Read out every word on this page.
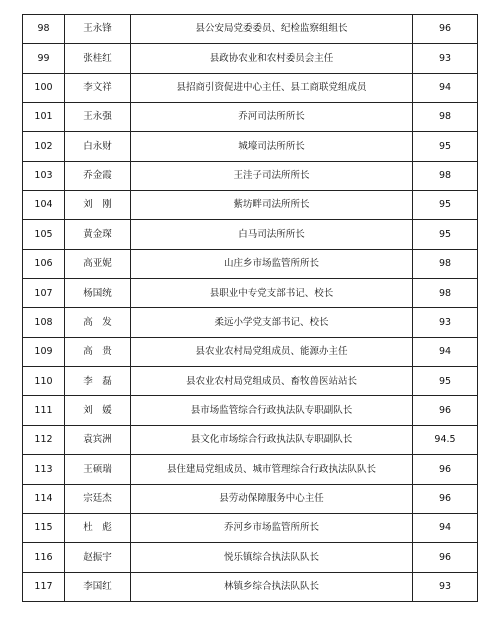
98	王永锋	县公安局党委委员、纪检监察组组长	96
99	张桂红	县政协农业和农村委员会主任	93
100	李文祥	县招商引资促进中心主任、县工商联党组成员	94
101	王永强	乔河司法所所长	98
102	白永财	城壕司法所所长	95
103	乔金霞	王洼子司法所所长	98
104	刘　刚	紫坊畔司法所所长	95
105	黄金琛	白马司法所所长	95
106	高亚妮	山庄乡市场监管所所长	98
107	杨国统	县职业中专党支部书记、校长	98
108	高　发	柔远小学党支部书记、校长	93
109	高　贵	县农业农村局党组成员、能源办主任	94
110	李　磊	县农业农村局党组成员、畜牧兽医站站长	95
111	刘　媛	县市场监管综合行政执法队专职副队长	96
112	袁宾洲	县文化市场综合行政执法队专职副队长	94.5
113	王硕瑞	县住建局党组成员、城市管理综合行政执法队队长	96
114	宗廷杰	县劳动保障服务中心主任	96
115	杜　彪	乔河乡市场监管所所长	94
116	赵振宇	悦乐镇综合执法队队长	96
117	李国红	林镇乡综合执法队队长	93
